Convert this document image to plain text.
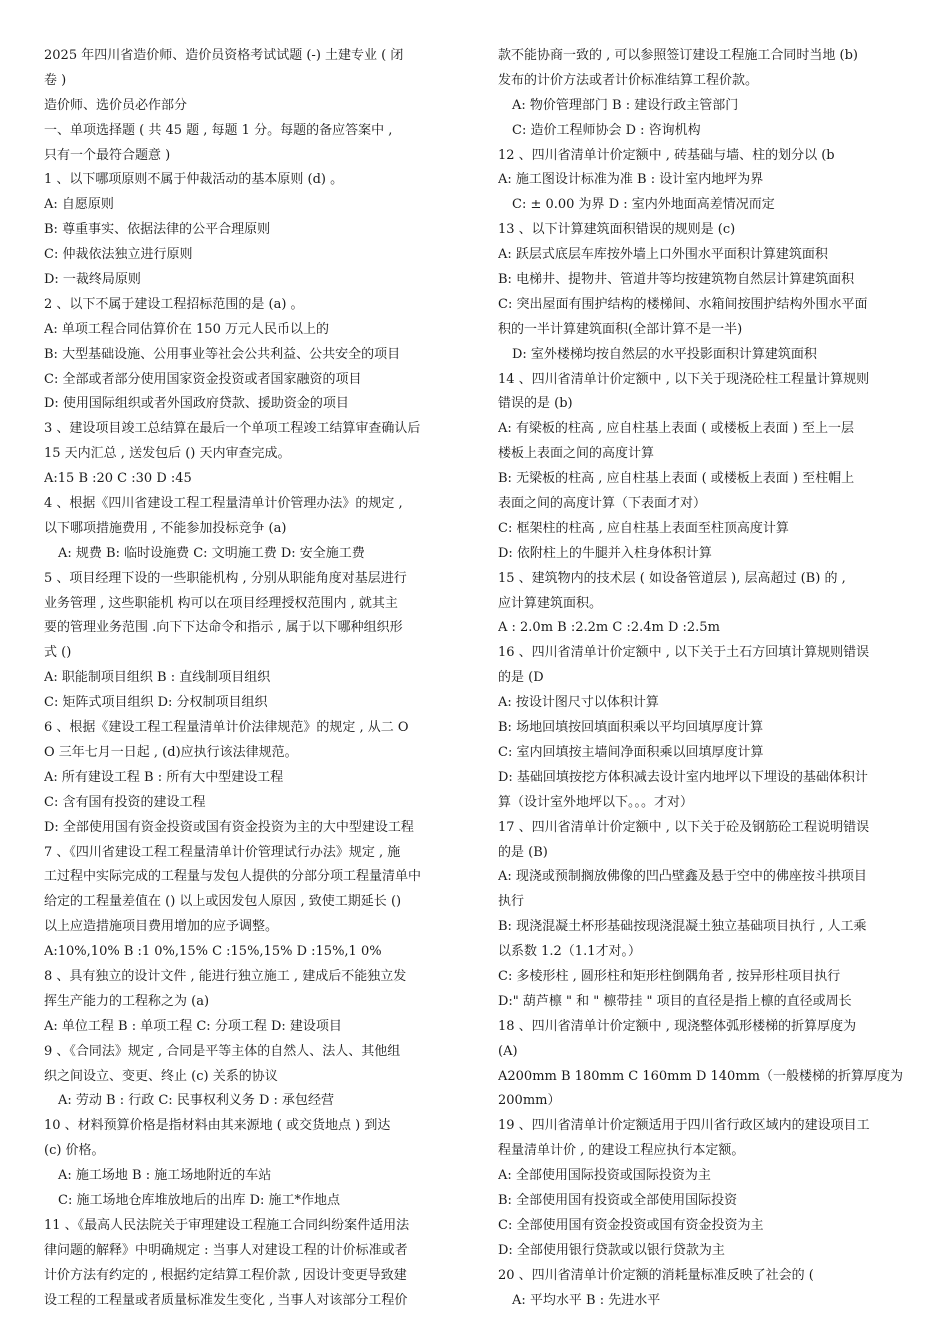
2025 年四川省造价师、造价员资格考试试题 (-) 土建专业 ( 闭
卷 )
造价师、选价员必作部分
一、单项选择题 ( 共 45 题 , 每题 1 分。每题的备应答案中 ,
只有一个最符合题意 )
1 、以下哪项原则不属于仲裁活动的基本原则 (d) 。
A: 自愿原则
B: 尊重事实、依据法律的公平合理原则
C: 仲裁依法独立进行原则
D: 一裁终局原则
2 、以下不属于建设工程招标范围的是 (a) 。
A: 单项工程合同估算价在 150 万元人民币以上的
B: 大型基础设施、公用事业等社会公共利益、公共安全的项目
C: 全部或者部分使用国家资金投资或者国家融资的项目
D: 使用国际组织或者外国政府贷款、援助资金的项目
3 、建设项目竣工总结算在最后一个单项工程竣工结算审查确认后
15 天内汇总 , 送发包后 () 天内审查完成。
A:15 B :20 C :30 D :45
4 、根据《四川省建设工程工程量清单计价管理办法》的规定 ,
以下哪项措施费用 , 不能参加投标竞争 (a)
A: 规费 B: 临时设施费 C: 文明施工费 D: 安全施工费
5 、项目经理下设的一些职能机构 , 分别从职能角度对基层进行
业务管理 , 这些职能机 构可以在项目经理授权范围内 , 就其主
要的管理业务范围 .向下下达命令和指示 , 属于以下哪种组织形
式 ()
A: 职能制项目组织 B : 直线制项目组织
C: 矩阵式项目组织 D: 分权制项目组织
6 、根据《建设工程工程量清单计价法律规范》的规定 , 从二 O
O 三年七月一日起 , (d)应执行该法律规范。
A: 所有建设工程 B : 所有大中型建设工程
C: 含有国有投资的建设工程
D: 全部使用国有资金投资或国有资金投资为主的大中型建设工程
7 、《四川省建设工程工程量清单计价管理试行办法》规定 , 施
工过程中实际完成的工程量与发包人提供的分部分项工程量清单中
给定的工程量差值在 () 以上或因发包人原因 , 致使工期延长 ()
以上应造措施项目费用增加的应予调整。
A:10%,10% B :1 0%,15% C :15%,15% D :15%,1 0%
8 、具有独立的设计文件 , 能进行独立施工 , 建成后不能独立发
挥生产能力的工程称之为 (a)
A: 单位工程 B : 单项工程 C: 分项工程 D: 建设项目
9 、《合同法》规定 , 合同是平等主体的自然人、法人、其他组
织之间设立、变更、终止 (c) 关系的协议
A: 劳动 B : 行政 C: 民事权利义务 D : 承包经营
10 、材料预算价格是指材料由其来源地 ( 或交货地点 ) 到达
(c) 价格。
A: 施工场地 B : 施工场地附近的车站
C: 施工场地仓库堆放地后的出库 D: 施工*作地点
11 、《最高人民法院关于审理建设工程施工合同纠纷案件适用法
律问题的解释》中明确规定 : 当事人对建设工程的计价标准或者
计价方法有约定的 , 根据约定结算工程价款 , 因设计变更导致建
设工程的工程量或者质量标准发生变化 , 当事人对该部分工程价
款不能协商一致的 , 可以参照签订建设工程施工合同时当地 (b)
发布的计价方法或者计价标准结算工程价款。
A: 物价管理部门 B : 建设行政主管部门
C: 造价工程师协会 D : 咨询机构
12 、四川省清单计价定额中 , 砖基础与墙、柱的划分以 (b
A: 施工图设计标准为准 B : 设计室内地坪为界
C: ± 0.00 为界 D : 室内外地面高差情况而定
13 、以下计算建筑面积错误的规则是 (c)
A: 跃层式底层车库按外墙上口外围水平面积计算建筑面积
B: 电梯井、提物井、管道井等均按建筑物自然层计算建筑面积
C: 突出屋面有围护结构的楼梯间、水箱间按围护结构外围水平面
积的一半计算建筑面积(全部计算不是一半)
D: 室外楼梯均按自然层的水平投影面积计算建筑面积
14 、四川省清单计价定额中 , 以下关于现浇砼柱工程量计算规则
错误的是 (b)
A: 有梁板的柱高 , 应自柱基上表面 ( 或楼板上表面 ) 至上一层
楼板上表面之间的高度计算
B: 无梁板的柱高 , 应自柱基上表面 ( 或楼板上表面 ) 至柱帽上
表面之间的高度计算（下表面才对）
C: 框架柱的柱高 , 应自柱基上表面至柱顶高度计算
D: 依附柱上的牛腿并入柱身体积计算
15 、建筑物内的技术层 ( 如设备管道层 ), 层高超过 (B) 的 ,
应计算建筑面积。
A : 2.0m B :2.2m C :2.4m D :2.5m
16 、四川省清单计价定额中 , 以下关于土石方回填计算规则错误
的是 (D
A: 按设计图尺寸以体积计算
B: 场地回填按回填面积乘以平均回填厚度计算
C: 室内回填按主墙间净面积乘以回填厚度计算
D: 基础回填按挖方体积减去设计室内地坪以下埋设的基础体积计
算（设计室外地坪以下。。。才对）
17 、四川省清单计价定额中 , 以下关于砼及钢筋砼工程说明错误
的是 (B)
A: 现浇或预制搁放佛像的凹凸壁鑫及悬于空中的佛座按斗拱项目
执行
B: 现浇混凝土杯形基础按现浇混凝土独立基础项目执行 , 人工乘
以系数 1.2（1.1才对。）
C: 多棱形柱 , 圆形柱和矩形柱倒隅角者 , 按异形柱项目执行
D:" 葫芦檩 " 和 " 檩带挂 " 项目的直径是指上檩的直径或周长
18 、四川省清单计价定额中 , 现浇整体弧形楼梯的折算厚度为
(A)
A200mm B 180mm C 160mm D 140mm（一般楼梯的折算厚度为
200mm）
19 、四川省清单计价定额适用于四川省行政区域内的建设项目工
程量清单计价 , 的建设工程应执行本定额。
A: 全部使用国际投资或国际投资为主
B: 全部使用国有投资或全部使用国际投资
C: 全部使用国有资金投资或国有资金投资为主
D: 全部使用银行贷款或以银行贷款为主
20 、四川省清单计价定额的消耗量标准反映了社会的 (
A: 平均水平 B : 先进水平
